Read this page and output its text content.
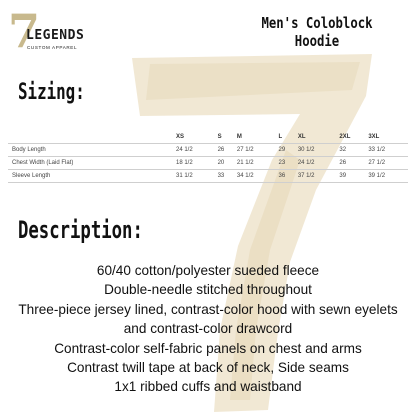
7
LEGENDS
CUSTOM APPAREL
Men's Coloblock Hoodie
Sizing:
	XS	S	M	L	XL	2XL	3XL
Body Length	24 1/2	26	27 1/2	29	30 1/2	32	33 1/2
Chest Width (Laid Flat)	18 1/2	20	21 1/2	23	24 1/2	26	27 1/2
Sleeve Length	31 1/2	33	34 1/2	36	37 1/2	39	39 1/2
Description:
60/40 cotton/polyester sueded fleece
Double-needle stitched throughout
Three-piece jersey lined, contrast-color hood with sewn eyelets
and contrast-color drawcord
Contrast-color self-fabric panels on chest and arms
Contrast twill tape at back of neck, Side seams
1x1 ribbed cuffs and waistband
